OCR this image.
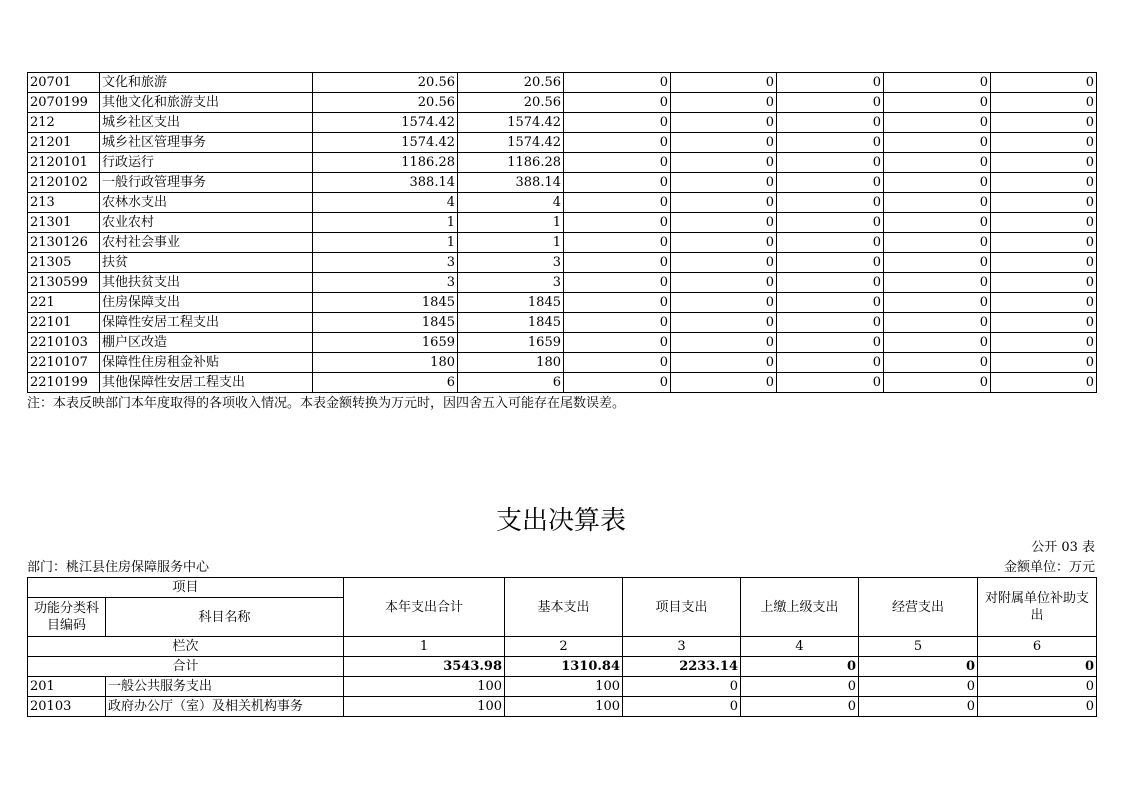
20701	文化和旅游	20.56	20.56	0	0	0	0	0
2070199	其他文化和旅游支出	20.56	20.56	0	0	0	0	0
212	城乡社区支出	1574.42	1574.42	0	0	0	0	0
21201	城乡社区管理事务	1574.42	1574.42	0	0	0	0	0
2120101	行政运行	1186.28	1186.28	0	0	0	0	0
2120102	一般行政管理事务	388.14	388.14	0	0	0	0	0
213	农林水支出	4	4	0	0	0	0	0
21301	农业农村	1	1	0	0	0	0	0
2130126	农村社会事业	1	1	0	0	0	0	0
21305	扶贫	3	3	0	0	0	0	0
2130599	其他扶贫支出	3	3	0	0	0	0	0
221	住房保障支出	1845	1845	0	0	0	0	0
22101	保障性安居工程支出	1845	1845	0	0	0	0	0
2210103	棚户区改造	1659	1659	0	0	0	0	0
2210107	保障性住房租金补贴	180	180	0	0	0	0	0
2210199	其他保障性安居工程支出	6	6	0	0	0	0	0
注：本表反映部门本年度取得的各项收入情况。本表金额转换为万元时，因四舍五入可能存在尾数误差。
支出决算表
公开 03 表
部门：桃江县住房保障服务中心	金额单位：万元
项目		本年支出合计	基本支出	项目支出	上缴上级支出	经营支出	对附属单位补助支出
功能分类科目编码	科目名称						
栏次		1	2	3	4	5	6
合计		3543.98	1310.84	2233.14	0	0	0
201	一般公共服务支出	100	100	0	0	0	0
20103	政府办公厅（室）及相关机构事务	100	100	0	0	0	0
